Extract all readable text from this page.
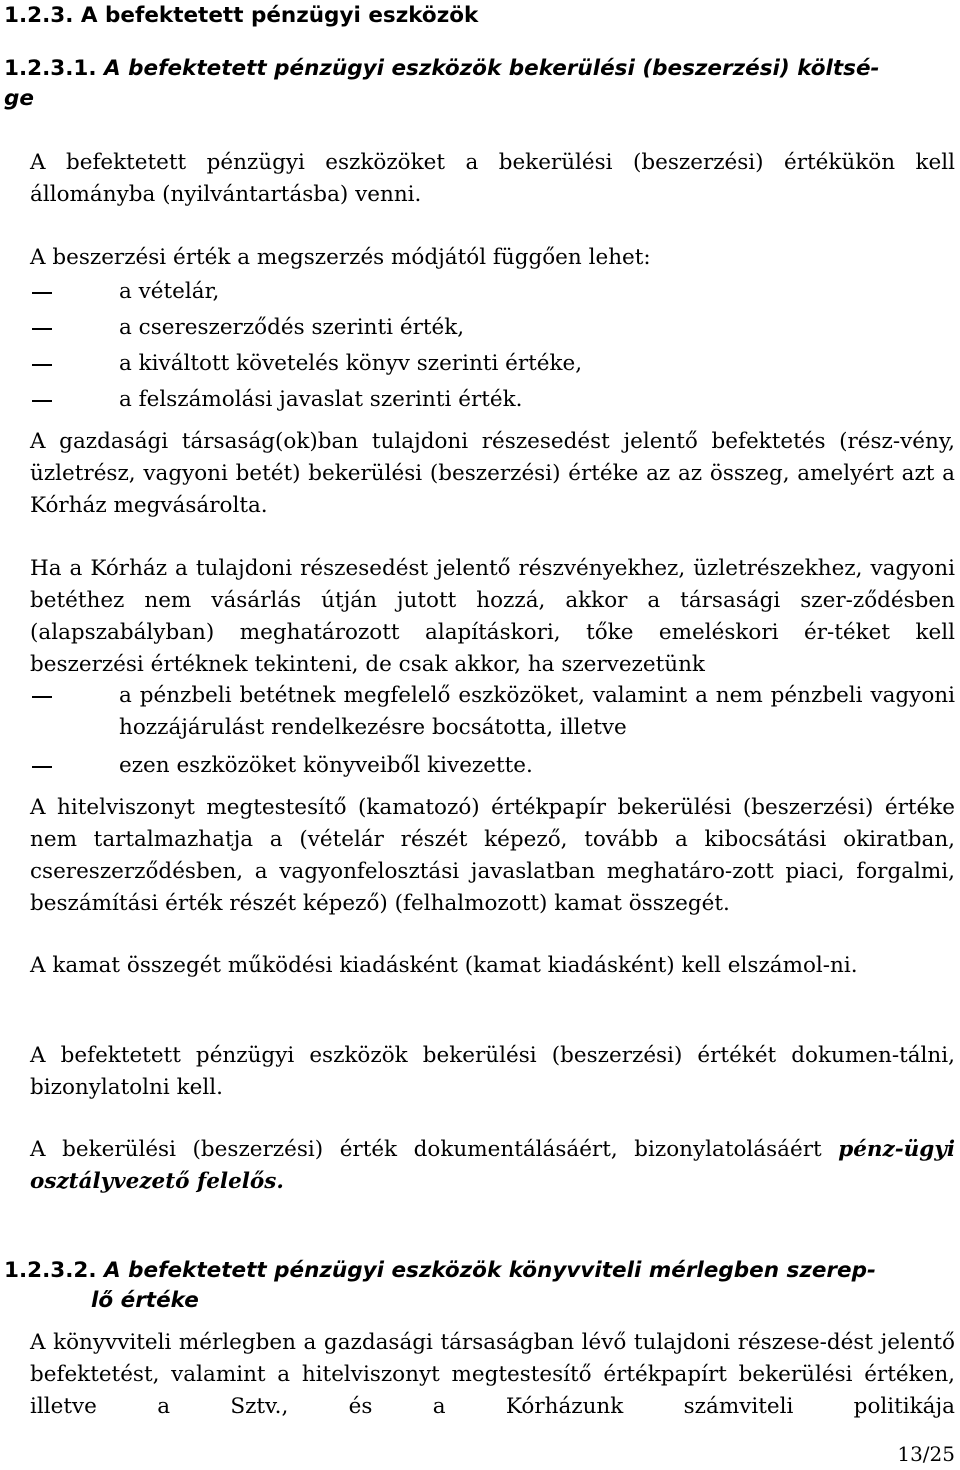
1.2.3. A befektetett pénzügyi eszközök
1.2.3.1. A befektetett pénzügyi eszközök bekerülési (beszerzési) költsé-
ge
A befektetett pénzügyi eszközöket a bekerülési (beszerzési) értékükön kell állományba (nyilvántartásba) venni.
A beszerzési érték a megszerzés módjától függően lehet:
a vételár,
a csereszerződés szerinti érték,
a kiváltott követelés könyv szerinti értéke,
a felszámolási javaslat szerinti érték.
A gazdasági társaság(ok)ban tulajdoni részesedést jelentő befektetés (rész-vény, üzletrész, vagyoni betét) bekerülési (beszerzési) értéke az az összeg, amelyért azt a Kórház megvásárolta.
Ha a Kórház a tulajdoni részesedést jelentő részvényekhez, üzletrészekhez, vagyoni betéthez nem vásárlás útján jutott hozzá, akkor a társasági szer-ződésben (alapszabályban) meghatározott alapításkori, tőke emeléskori ér-téket kell beszerzési értéknek tekinteni, de csak akkor, ha szervezetünk
a pénzbeli betétnek megfelelő eszközöket, valamint a nem pénzbeli vagyoni hozzájárulást rendelkezésre bocsátotta, illetve
ezen eszközöket könyveiből kivezette.
A hitelviszonyt megtestesítő (kamatozó) értékpapír bekerülési (beszerzési) értéke nem tartalmazhatja a (vételár részét képező, tovább a kibocsátási okiratban, csereszerződésben, a vagyonfelosztási javaslatban meghatáro-zott piaci, forgalmi, beszámítási érték részét képező) (felhalmozott) kamat összegét.
A kamat összegét működési kiadásként (kamat kiadásként) kell elszámol-ni.
A befektetett pénzügyi eszközök bekerülési (beszerzési) értékét dokumen-tálni, bizonylatolni kell.
A bekerülési (beszerzési) érték dokumentálásáért, bizonylatolásáért pénz-ügyi osztályvezető felelős.
1.2.3.2. A befektetett pénzügyi eszközök könyvviteli mérlegben szerep-
lő értéke
A könyvviteli mérlegben a gazdasági társaságban lévő tulajdoni részese-dést jelentő befektetést, valamint a hitelviszonyt megtestesítő értékpapírt bekerülési értéken, illetve a Sztv., és a Kórházunk számviteli politikája
13/25
